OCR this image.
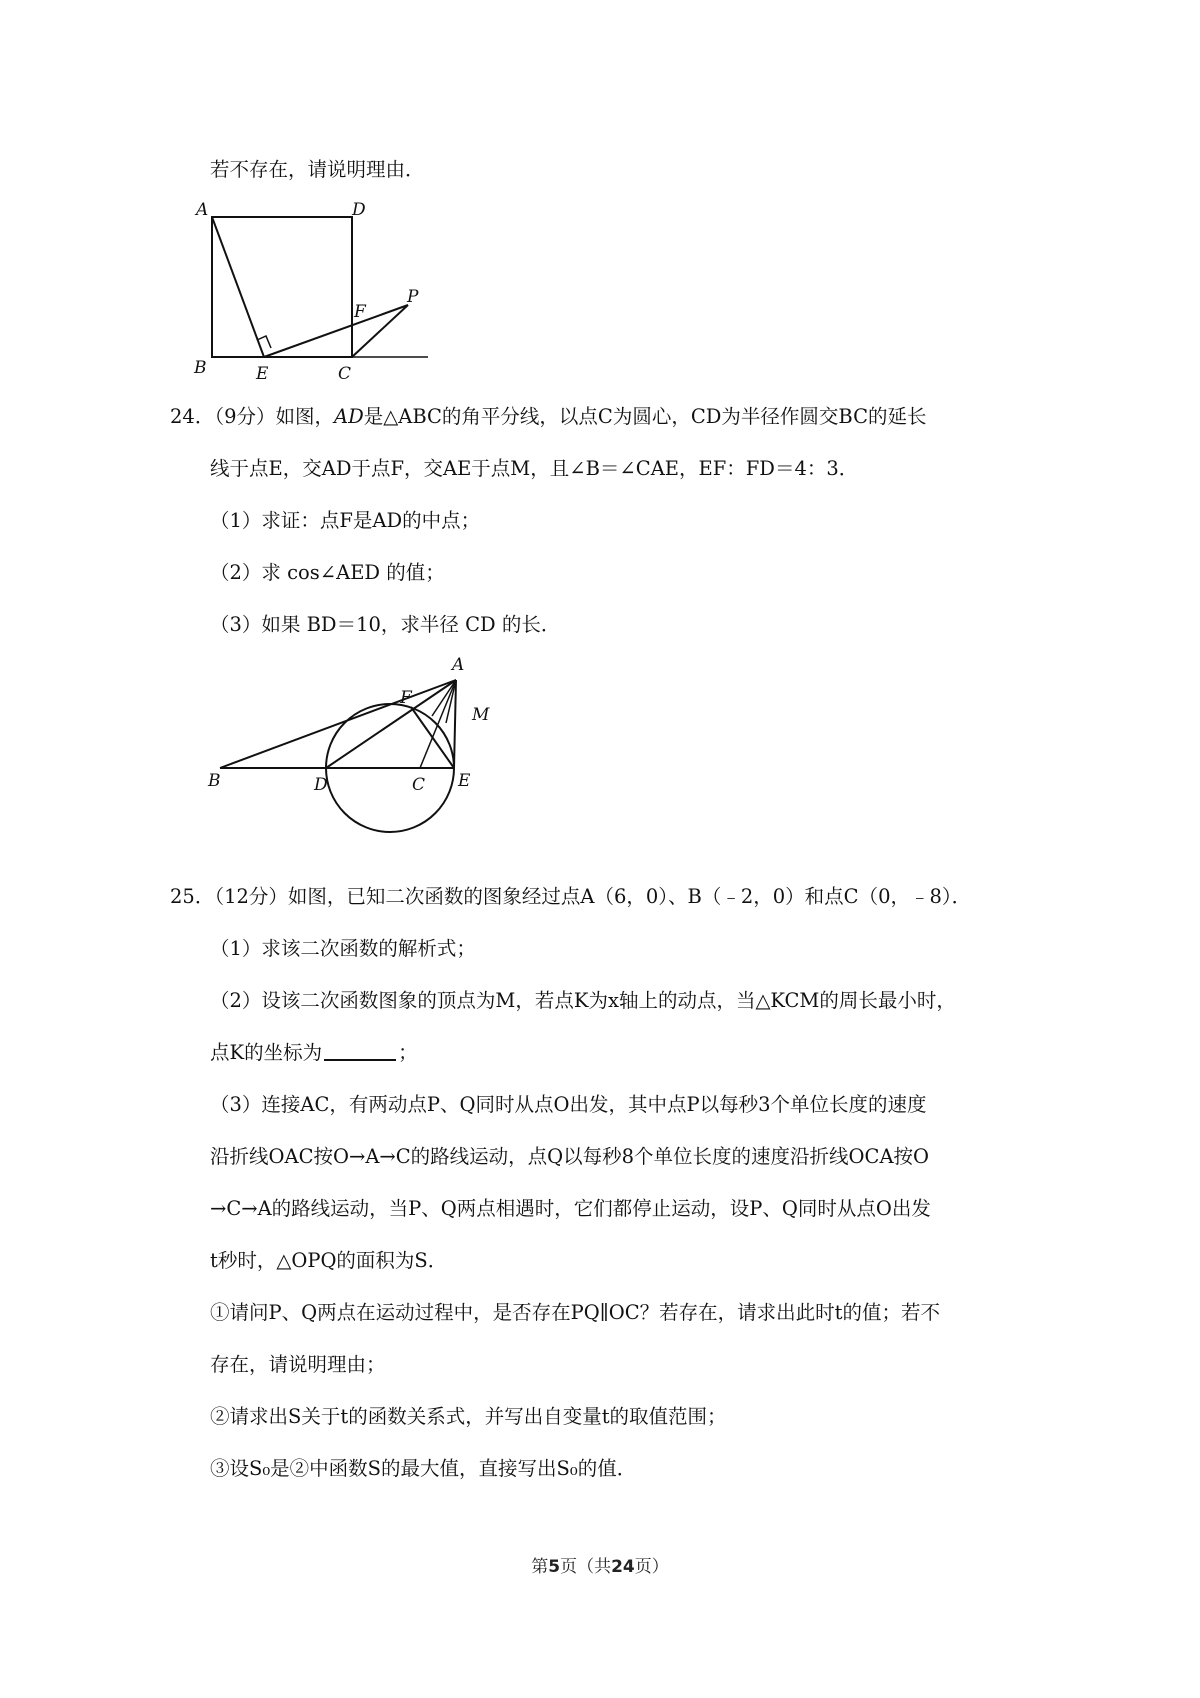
若不存在，请说明理由．
A	D
F
P
B	E	C
24．（9分）如图，AD是△ABC的角平分线，以点C为圆心，CD为半径作圆交BC的延长
线于点E，交AD于点F，交AE于点M，且∠B＝∠CAE，EF：FD＝4：3．
（1）求证：点F是AD的中点；
（2）求 cos∠AED 的值；
（3）如果 BD＝10，求半径 CD 的长．
A
F
M
B	D	C E
25．（12分）如图，已知二次函数的图象经过点A（6，0）、B（﹣2，0）和点C（0，﹣8）．
（1）求该二次函数的解析式；
（2）设该二次函数图象的顶点为M，若点K为x轴上的动点，当△KCM的周长最小时，
点K的坐标为	；
（3）连接AC，有两动点P、Q同时从点O出发，其中点P以每秒3个单位长度的速度
沿折线OAC按O→A→C的路线运动，点Q以每秒8个单位长度的速度沿折线OCA按O
→C→A的路线运动，当P、Q两点相遇时，它们都停止运动，设P、Q同时从点O出发
t秒时，△OPQ的面积为S．
①请问P、Q两点在运动过程中，是否存在PQ∥OC？若存在，请求出此时t的值；若不
存在，请说明理由；
②请求出S关于t的函数关系式，并写出自变量t的取值范围；
③设S₀是②中函数S的最大值，直接写出S₀的值．
第5页（共24页）
